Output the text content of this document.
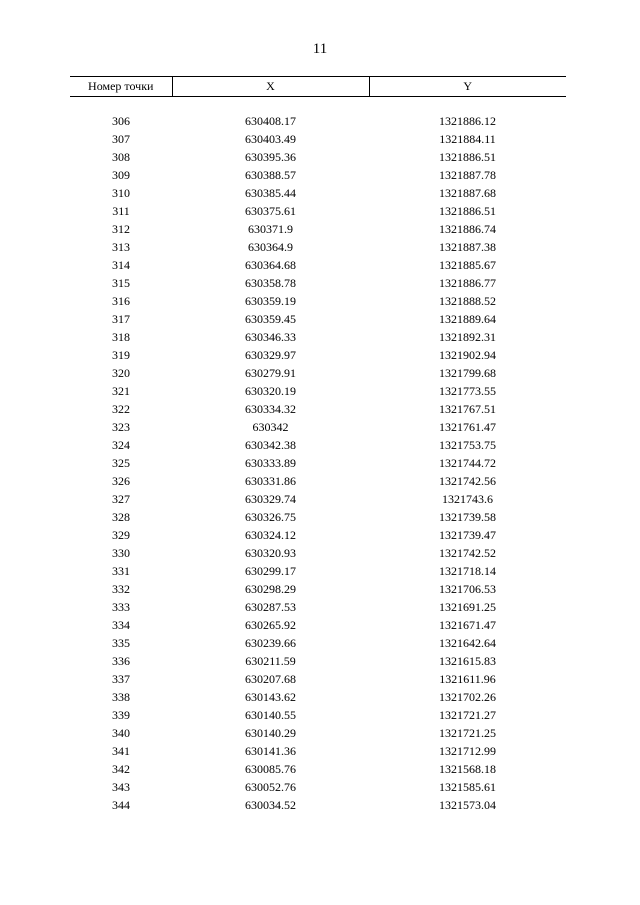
11
Номер точки	X	Y

306	630408.17	1321886.12
307	630403.49	1321884.11
308	630395.36	1321886.51
309	630388.57	1321887.78
310	630385.44	1321887.68
311	630375.61	1321886.51
312	630371.9	1321886.74
313	630364.9	1321887.38
314	630364.68	1321885.67
315	630358.78	1321886.77
316	630359.19	1321888.52
317	630359.45	1321889.64
318	630346.33	1321892.31
319	630329.97	1321902.94
320	630279.91	1321799.68
321	630320.19	1321773.55
322	630334.32	1321767.51
323	630342	1321761.47
324	630342.38	1321753.75
325	630333.89	1321744.72
326	630331.86	1321742.56
327	630329.74	1321743.6
328	630326.75	1321739.58
329	630324.12	1321739.47
330	630320.93	1321742.52
331	630299.17	1321718.14
332	630298.29	1321706.53
333	630287.53	1321691.25
334	630265.92	1321671.47
335	630239.66	1321642.64
336	630211.59	1321615.83
337	630207.68	1321611.96
338	630143.62	1321702.26
339	630140.55	1321721.27
340	630140.29	1321721.25
341	630141.36	1321712.99
342	630085.76	1321568.18
343	630052.76	1321585.61
344	630034.52	1321573.04
